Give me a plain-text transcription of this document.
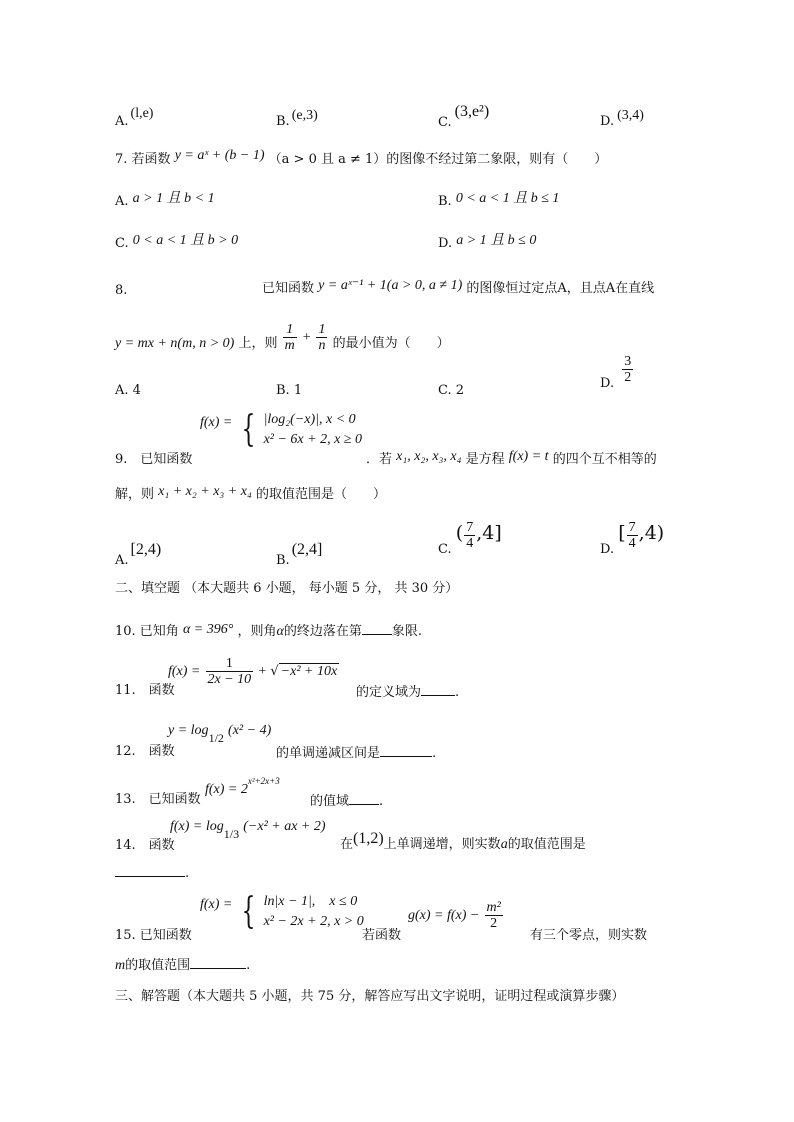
A.(l,e)
B. (e,3)	C.(3,e²)
D. (3,4)
7. 若函数 y = aˣ + (b − 1) （a > 0 且 a ≠ 1）的图像不经过第二象限，则有（　　）
A. a > 1 且 b < 1	B. 0 < a < 1 且 b ≤ 1
C. 0 < a < 1 且 b > 0	D. a > 1 且 b ≤ 0
8.	已知函数 y = aˣ⁻¹ + 1(a > 0, a ≠ 1) 的图像恒过定点A，且点A在直线
y = mx + n(m, n > 0) 上，则 $\frac{1}{m} + \frac{1}{n}$ 的最小值为（　　）
A. 4	B. 1	C. 2	D. $\frac{3}{2}$
f(x) = { |log₂(−x)|, x < 0
x² − 6x + 2, x ≥ 0
9.　已知函数	．若 x₁, x₂, x₃, x₄ 是方程 f(x) = t 的四个互不相等的
解，则 x₁ + x₂ + x₃ + x₄ 的取值范围是（　　）
A.[2,4)
B.(2,4]	C. ( $\frac{7}{4} ,4$]
D. [ $\frac{7}{4} ,4$)
二、填空题 （本大题共 6 小题， 每小题 5 分， 共 30 分）
10. 已知角 α = 396° ，则角α的终边落在第 象限.
11.　函数
$f(x) = \frac{1}{2x - 10}$ + √ −x² + 10x
的定义域为	.
12.　函数
y = log1/2 (x² − 4)
的单调递减区间是	.
13.　已知函数
$f(x) = 2^{x^2+2x+3}$
的值域 .
14.　函数
f(x) = log1/3 (−x² + ax + 2)
在(1,2)上单调递增，则实数a的取值范围是
.
15. 已知函数
f(x) = { ln|x − 1|,　x ≤ 0
x² − 2x + 2, x > 0
若函数
$g(x) = f(x) - \frac{\text{m²}}{2}$
有三个零点，则实数
m的取值范围	.
三、解答题（本大题共 5 小题，共 75 分，解答应写出文字说明，证明过程或演算步骤）
